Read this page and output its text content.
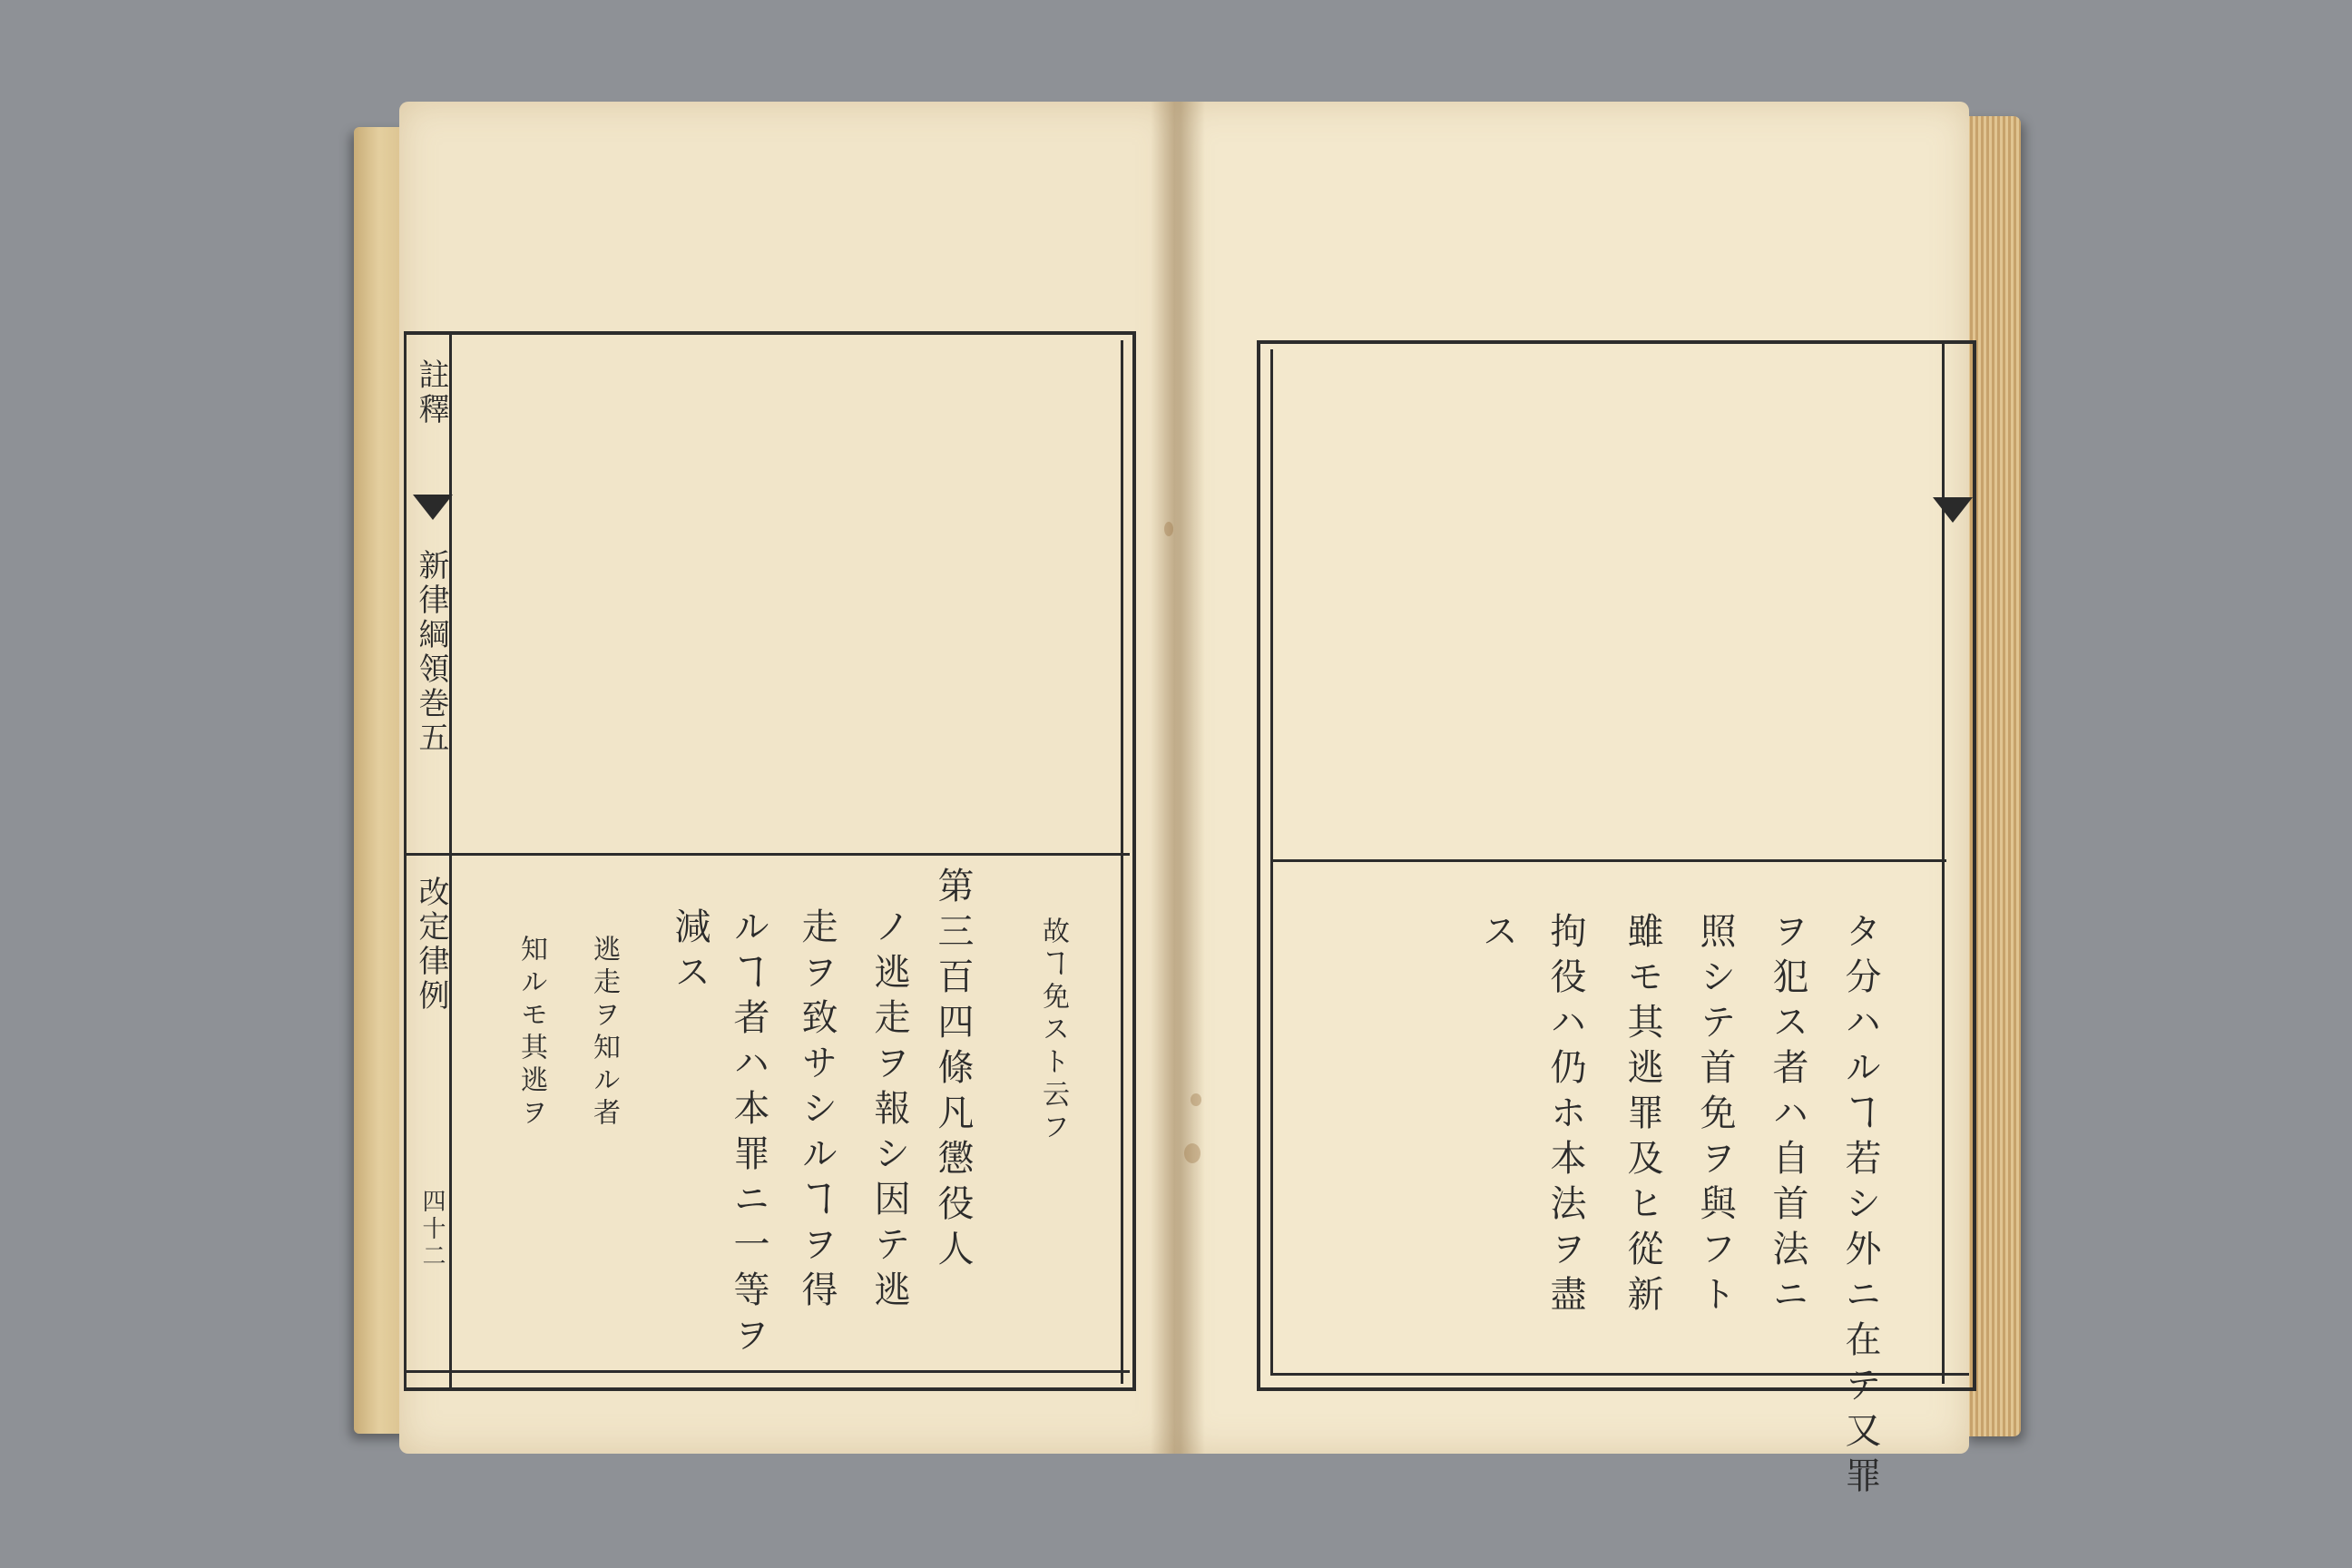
註釋
新律綱領巻五
改定律例
四十二	第三百四條凡懲役人
ノ逃走ヲ報シ因テ逃
走ヲ致サシルヿヲ得
ルヿ者ハ本罪ニ一等ヲ
減ス	故ヿ免スト云フ
逃走ヲ知ル者
知ルモ其逃ヲ	タ分ハルヿ若シ外ニ在テ又罪
ヲ犯ス者ハ自首法ニ
照シテ首免ヲ與フト
雖モ其逃罪及ヒ從新
拘役ハ仍ホ本法ヲ盡
ス
